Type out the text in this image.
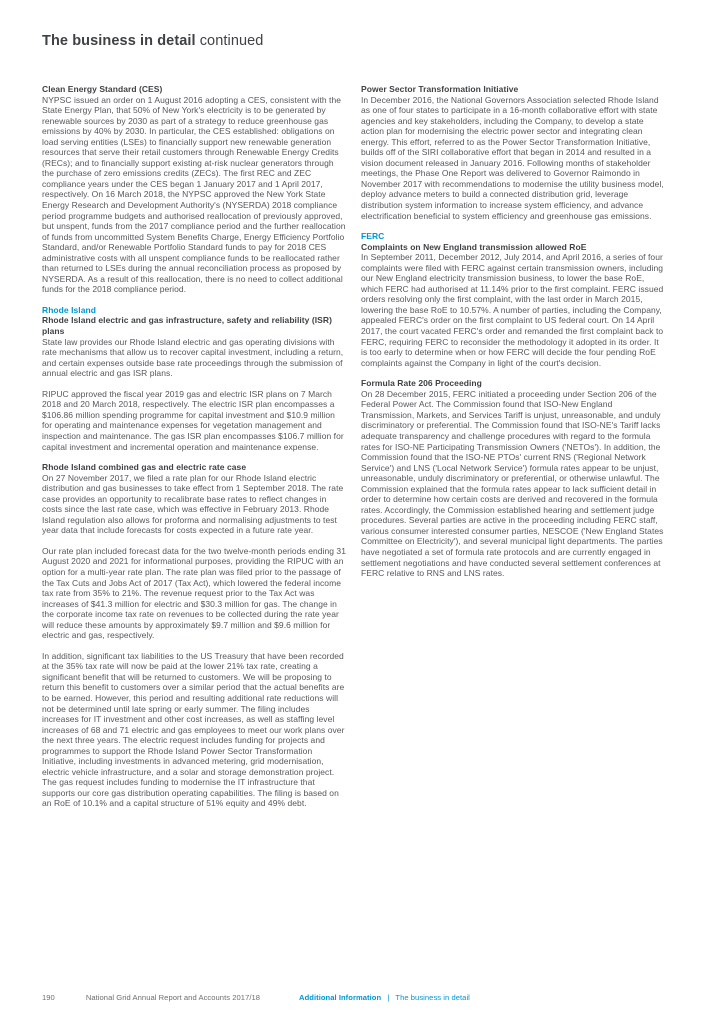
The business in detail continued
Clean Energy Standard (CES)

NYPSC issued an order on 1 August 2016 adopting a CES, consistent with the State Energy Plan, that 50% of New York's electricity is to be generated by renewable sources by 2030 as part of a strategy to reduce greenhouse gas emissions by 40% by 2030. In particular, the CES established: obligations on load serving entities (LSEs) to financially support new renewable generation resources that serve their retail customers through Renewable Energy Credits (RECs); and to financially support existing at-risk nuclear generators through the purchase of zero emissions credits (ZECs). The first REC and ZEC compliance years under the CES began 1 January 2017 and 1 April 2017, respectively. On 16 March 2018, the NYPSC approved the New York State Energy Research and Development Authority's (NYSERDA) 2018 compliance period programme budgets and authorised reallocation of previously approved, but unspent, funds from the 2017 compliance period and the further reallocation of funds from uncommitted System Benefits Charge, Energy Efficiency Portfolio Standard, and/or Renewable Portfolio Standard funds to pay for 2018 CES administrative costs with all unspent compliance funds to be reallocated rather than returned to LSEs during the annual reconciliation process as proposed by NYSERDA. As a result of this reallocation, there is no need to collect additional funds for the 2018 compliance period.

Rhode Island
Rhode Island electric and gas infrastructure, safety and reliability (ISR) plans

State law provides our Rhode Island electric and gas operating divisions with rate mechanisms that allow us to recover capital investment, including a return, and certain expenses outside base rate proceedings through the submission of annual electric and gas ISR plans.

RIPUC approved the fiscal year 2019 gas and electric ISR plans on 7 March 2018 and 20 March 2018, respectively. The electric ISR plan encompasses a $106.86 million spending programme for capital investment and $10.9 million for operating and maintenance expenses for vegetation management and inspection and maintenance. The gas ISR plan encompasses $106.7 million for capital investment and incremental operation and maintenance expense.

Rhode Island combined gas and electric rate case

On 27 November 2017, we filed a rate plan for our Rhode Island electric distribution and gas businesses to take effect from 1 September 2018. The rate case provides an opportunity to recalibrate base rates to reflect changes in costs since the last rate case, which was effective in February 2013. Rhode Island regulation also allows for proforma and normalising adjustments to test year data that include forecasts for costs expected in a future rate year.

Our rate plan included forecast data for the two twelve-month periods ending 31 August 2020 and 2021 for informational purposes, providing the RIPUC with an option for a multi-year rate plan. The rate plan was filed prior to the passage of the Tax Cuts and Jobs Act of 2017 (Tax Act), which lowered the federal income tax rate from 35% to 21%. The revenue request prior to the Tax Act was increases of $41.3 million for electric and $30.3 million for gas. The change in the corporate income tax rate on revenues to be collected during the rate year will reduce these amounts by approximately $9.7 million and $9.6 million for electric and gas, respectively.

In addition, significant tax liabilities to the US Treasury that have been recorded at the 35% tax rate will now be paid at the lower 21% tax rate, creating a significant benefit that will be returned to customers. We will be proposing to return this benefit to customers over a similar period that the actual benefits are to be earned. However, this period and resulting additional rate reductions will not be determined until late spring or early summer. The filing includes increases for IT investment and other cost increases, as well as staffing level increases of 68 and 71 electric and gas employees to meet our work plans over the next three years. The electric request includes funding for projects and programmes to support the Rhode Island Power Sector Transformation Initiative, including investments in advanced metering, grid modernisation, electric vehicle infrastructure, and a solar and storage demonstration project. The gas request includes funding to modernise the IT infrastructure that supports our core gas distribution operating capabilities. The filing is based on an RoE of 10.1% and a capital structure of 51% equity and 49% debt.

Power Sector Transformation Initiative

In December 2016, the National Governors Association selected Rhode Island as one of four states to participate in a 16-month collaborative effort with state agencies and key stakeholders, including the Company, to develop a state action plan for modernising the electric power sector and integrating clean energy. This effort, referred to as the Power Sector Transformation Initiative, builds off of the SIRI collaborative effort that began in 2014 and resulted in a vision document released in January 2016. Following months of stakeholder meetings, the Phase One Report was delivered to Governor Raimondo in November 2017 with recommendations to modernise the utility business model, deploy advance meters to build a connected distribution grid, leverage distribution system information to increase system efficiency, and advance electrification beneficial to system efficiency and greenhouse gas emissions.

FERC
Complaints on New England transmission allowed RoE

In September 2011, December 2012, July 2014, and April 2016, a series of four complaints were filed with FERC against certain transmission owners, including our New England electricity transmission business, to lower the base RoE, which FERC had authorised at 11.14% prior to the first complaint. FERC issued orders resolving only the first complaint, with the last order in March 2015, lowering the base RoE to 10.57%. A number of parties, including the Company, appealed FERC's order on the first complaint to US federal court. On 14 April 2017, the court vacated FERC's order and remanded the first complaint back to FERC, requiring FERC to reconsider the methodology it adopted in its order. It is too early to determine when or how FERC will decide the four pending RoE complaints against the Company in light of the court's decision.

Formula Rate 206 Proceeding

On 28 December 2015, FERC initiated a proceeding under Section 206 of the Federal Power Act. The Commission found that ISO-New England Transmission, Markets, and Services Tariff is unjust, unreasonable, and unduly discriminatory or preferential. The Commission found that ISO-NE's Tariff lacks adequate transparency and challenge procedures with regard to the formula rates for ISO-NE Participating Transmission Owners ('NETOs'). In addition, the Commission found that the ISO-NE PTOs' current RNS ('Regional Network Service') and LNS ('Local Network Service') formula rates appear to be unjust, unreasonable, unduly discriminatory or preferential, or otherwise unlawful. The Commission explained that the formula rates appear to lack sufficient detail in order to determine how certain costs are derived and recovered in the formula rates. Accordingly, the Commission established hearing and settlement judge procedures. Several parties are active in the proceeding including FERC staff, various consumer interested consumer parties, NESCOE ('New England States Committee on Electricity'), and several municipal light departments. The parties have negotiated a set of formula rate protocols and are currently engaged in settlement negotiations and have conducted several settlement conferences at FERC relative to RNS and LNS rates.

190	National Grid Annual Report and Accounts 2017/18	Additional Information | The business in detail
